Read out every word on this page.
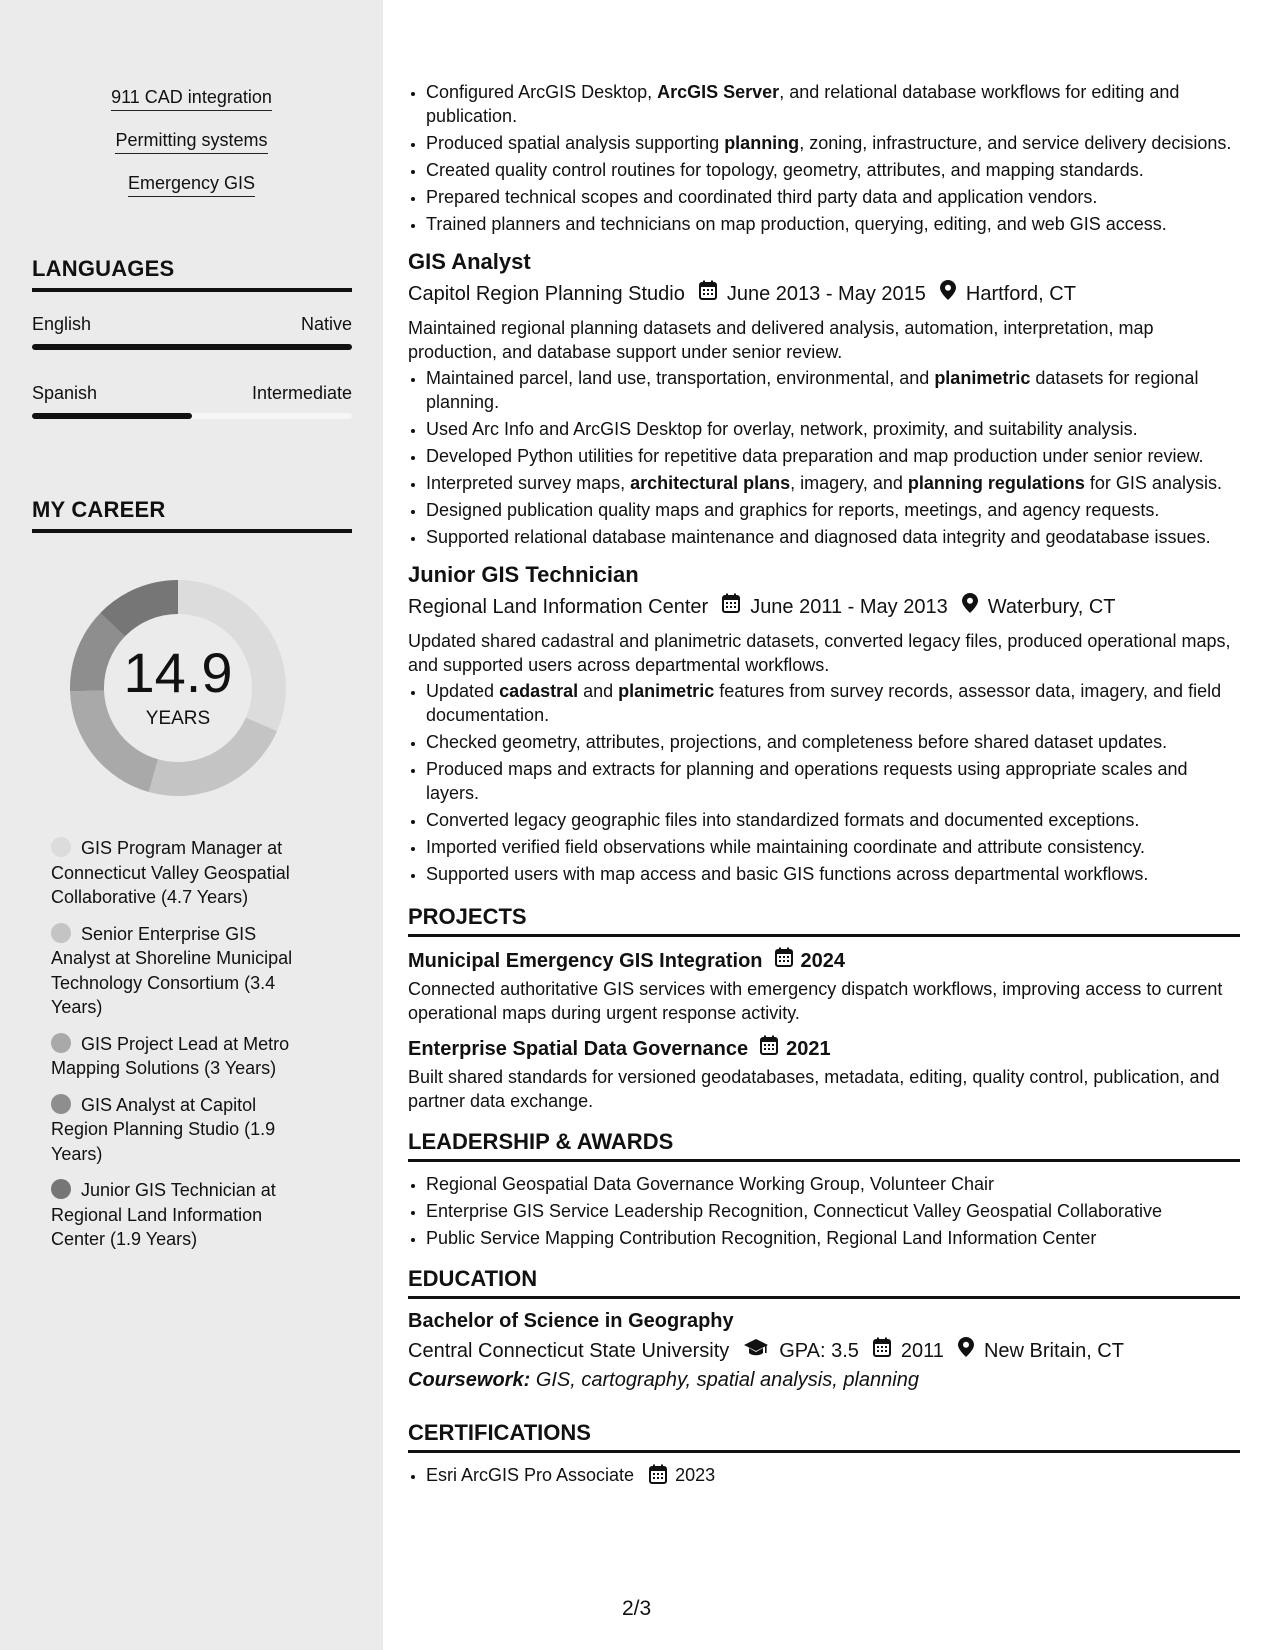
911 CAD integration
Permitting systems
Emergency GIS
LANGUAGES
English	Native
Spanish	Intermediate
MY CAREER
14.9
YEARS
GIS Program Manager at Connecticut Valley Geospatial Collaborative (4.7 Years)
Senior Enterprise GIS Analyst at Shoreline Municipal Technology Consortium (3.4 Years)
GIS Project Lead at Metro Mapping Solutions (3 Years)
GIS Analyst at Capitol Region Planning Studio (1.9 Years)
Junior GIS Technician at Regional Land Information Center (1.9 Years)
• Configured ArcGIS Desktop, ArcGIS Server, and relational database workflows for editing and publication.
• Produced spatial analysis supporting planning, zoning, infrastructure, and service delivery decisions.
• Created quality control routines for topology, geometry, attributes, and mapping standards.
• Prepared technical scopes and coordinated third party data and application vendors.
• Trained planners and technicians on map production, querying, editing, and web GIS access.
GIS Analyst
Capitol Region Planning Studio June 2013 - May 2015 Hartford, CT
Maintained regional planning datasets and delivered analysis, automation, interpretation, map production, and database support under senior review.
• Maintained parcel, land use, transportation, environmental, and planimetric datasets for regional planning.
• Used Arc Info and ArcGIS Desktop for overlay, network, proximity, and suitability analysis.
• Developed Python utilities for repetitive data preparation and map production under senior review.
• Interpreted survey maps, architectural plans, imagery, and planning regulations for GIS analysis.
• Designed publication quality maps and graphics for reports, meetings, and agency requests.
• Supported relational database maintenance and diagnosed data integrity and geodatabase issues.
Junior GIS Technician
Regional Land Information Center June 2011 - May 2013 Waterbury, CT
Updated shared cadastral and planimetric datasets, converted legacy files, produced operational maps, and supported users across departmental workflows.
• Updated cadastral and planimetric features from survey records, assessor data, imagery, and field documentation.
• Checked geometry, attributes, projections, and completeness before shared dataset updates.
• Produced maps and extracts for planning and operations requests using appropriate scales and layers.
• Converted legacy geographic files into standardized formats and documented exceptions.
• Imported verified field observations while maintaining coordinate and attribute consistency.
• Supported users with map access and basic GIS functions across departmental workflows.
PROJECTS
Municipal Emergency GIS Integration 2024
Connected authoritative GIS services with emergency dispatch workflows, improving access to current operational maps during urgent response activity.
Enterprise Spatial Data Governance 2021
Built shared standards for versioned geodatabases, metadata, editing, quality control, publication, and partner data exchange.
LEADERSHIP & AWARDS
• Regional Geospatial Data Governance Working Group, Volunteer Chair
• Enterprise GIS Service Leadership Recognition, Connecticut Valley Geospatial Collaborative
• Public Service Mapping Contribution Recognition, Regional Land Information Center
EDUCATION
Bachelor of Science in Geography
Central Connecticut State University	GPA: 3.5 2011 New Britain, CT
Coursework: GIS, cartography, spatial analysis, planning
CERTIFICATIONS
• Esri ArcGIS Pro Associate 2023
2/3
